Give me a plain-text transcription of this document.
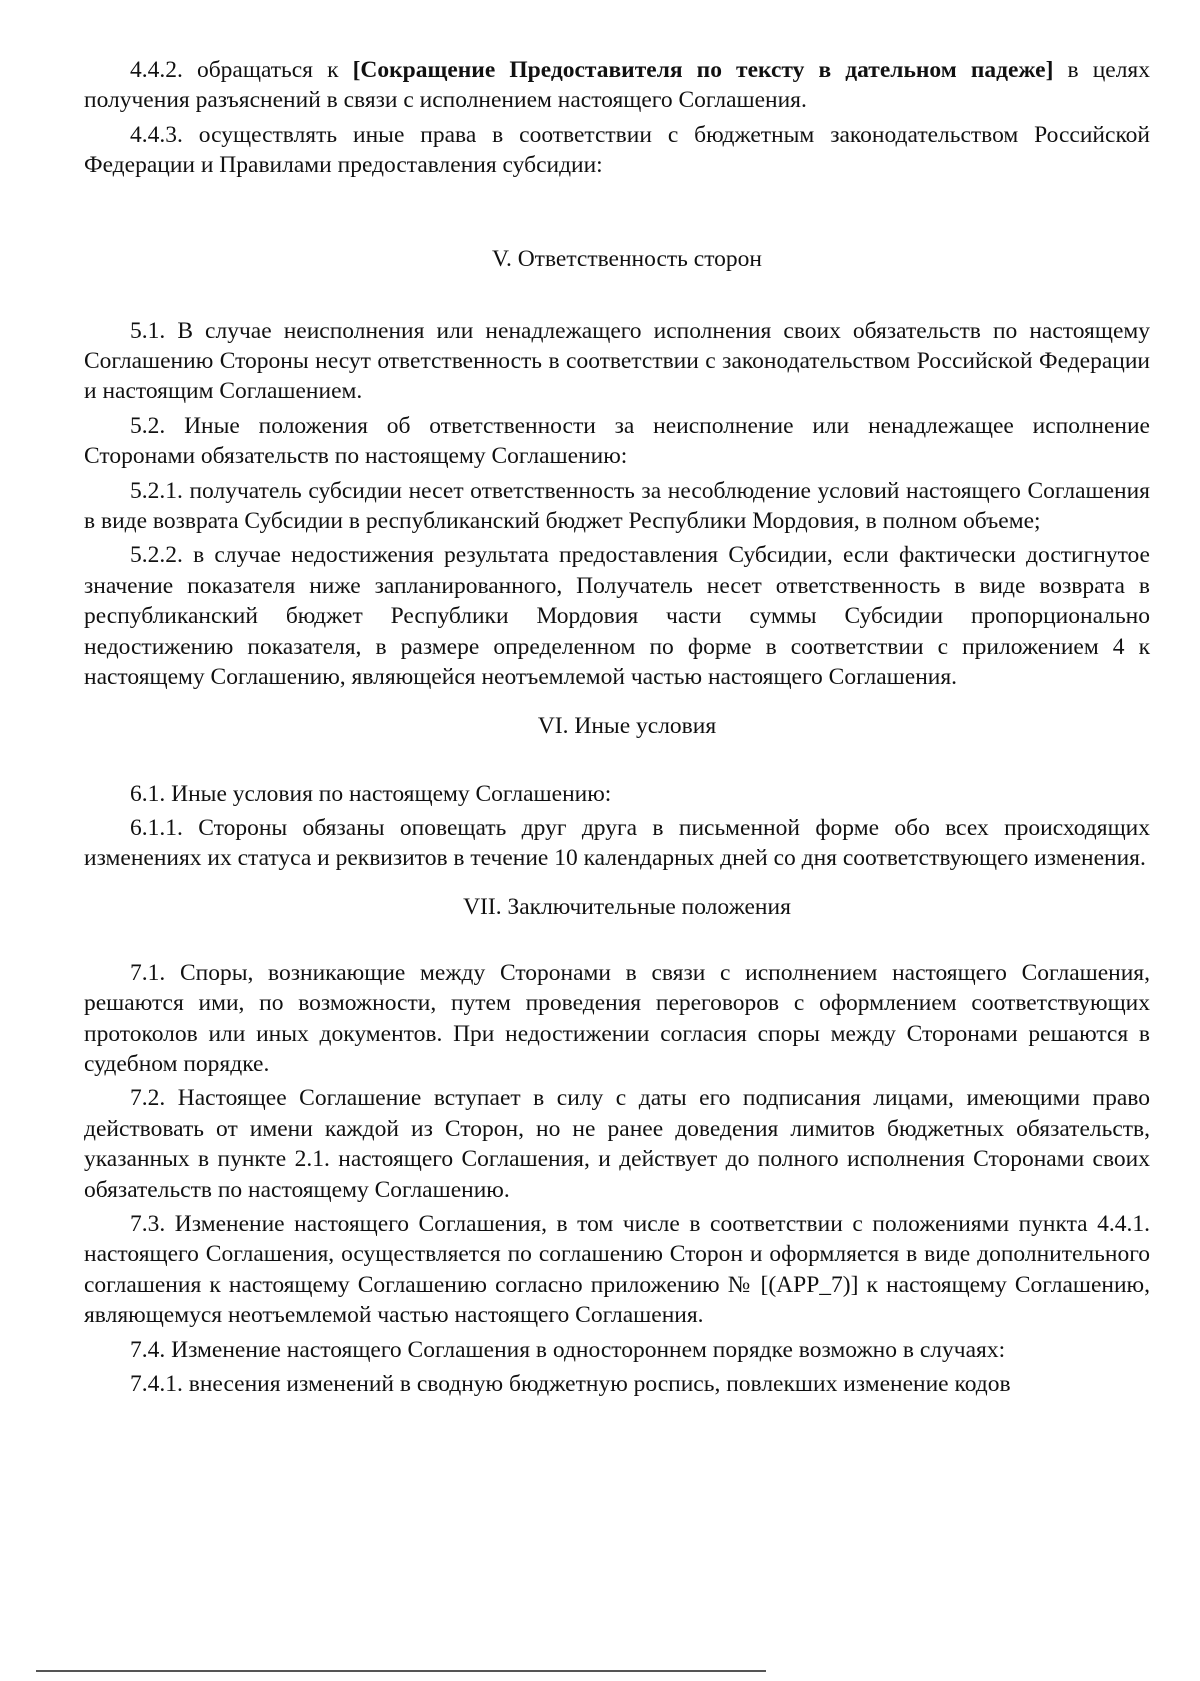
4.4.2. обращаться к [Сокращение Предоставителя по тексту в дательном падеже] в целях получения разъяснений в связи с исполнением настоящего Соглашения.

4.4.3. осуществлять иные права в соответствии с бюджетным законодательством Российской Федерации и Правилами предоставления субсидии:

V. Ответственность сторон

5.1. В случае неисполнения или ненадлежащего исполнения своих обязательств по настоящему Соглашению Стороны несут ответственность в соответствии с законодательством Российской Федерации и настоящим Соглашением.

5.2. Иные положения об ответственности за неисполнение или ненадлежащее исполнение Сторонами обязательств по настоящему Соглашению:

5.2.1. получатель субсидии несет ответственность за несоблюдение условий настоящего Соглашения в виде возврата Субсидии в республиканский бюджет Республики Мордовия, в полном объеме;

5.2.2. в случае недостижения результата предоставления Субсидии, если фактически достигнутое значение показателя ниже запланированного, Получатель несет ответственность в виде возврата в республиканский бюджет Республики Мордовия части суммы Субсидии пропорционально недостижению показателя, в размере определенном по форме в соответствии с приложением 4 к настоящему Соглашению, являющейся неотъемлемой частью настоящего Соглашения.

VI. Иные условия

6.1. Иные условия по настоящему Соглашению:

6.1.1. Стороны обязаны оповещать друг друга в письменной форме обо всех происходящих изменениях их статуса и реквизитов в течение 10 календарных дней со дня соответствующего изменения.

VII. Заключительные положения

7.1. Споры, возникающие между Сторонами в связи с исполнением настоящего Соглашения, решаются ими, по возможности, путем проведения переговоров с оформлением соответствующих протоколов или иных документов. При недостижении согласия споры между Сторонами решаются в судебном порядке.

7.2. Настоящее Соглашение вступает в силу с даты его подписания лицами, имеющими право действовать от имени каждой из Сторон, но не ранее доведения лимитов бюджетных обязательств, указанных в пункте 2.1. настоящего Соглашения, и действует до полного исполнения Сторонами своих обязательств по настоящему Соглашению.

7.3. Изменение настоящего Соглашения, в том числе в соответствии с положениями пункта 4.4.1. настоящего Соглашения, осуществляется по соглашению Сторон и оформляется в виде дополнительного соглашения к настоящему Соглашению согласно приложению № [(APP_7)] к настоящему Соглашению, являющемуся неотъемлемой частью настоящего Соглашения.

7.4. Изменение настоящего Соглашения в одностороннем порядке возможно в случаях:

7.4.1. внесения изменений в сводную бюджетную роспись, повлекших изменение кодов
